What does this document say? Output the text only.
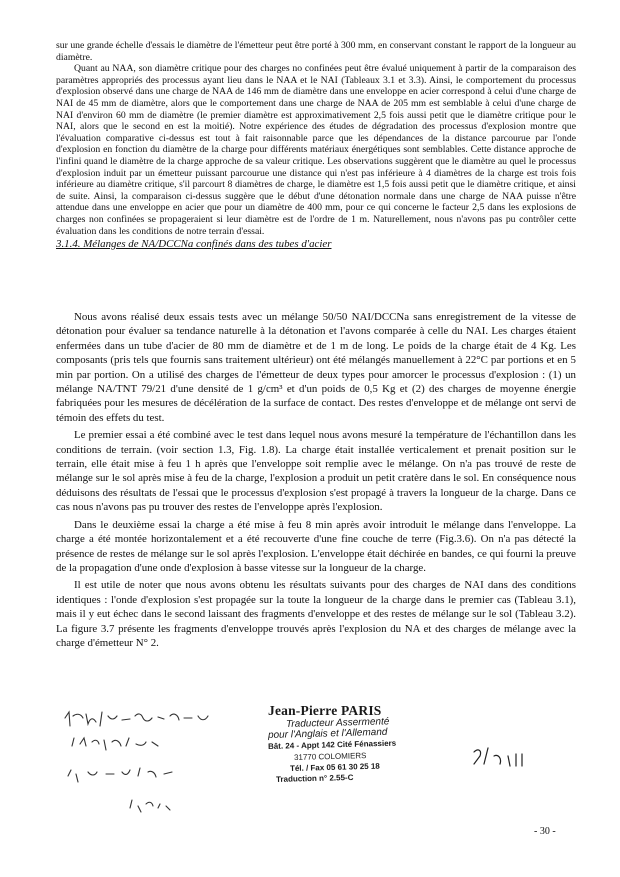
sur une grande échelle d'essais le diamètre de l'émetteur peut être porté à 300 mm, en conservant constant le rapport de la longueur au diamètre.

Quant au NAA, son diamètre critique pour des charges no confinées peut être évalué uniquement à partir de la comparaison des paramètres appropriés des processus ayant lieu dans le NAA et le NAI (Tableaux 3.1 et 3.3). Ainsi, le comportement du processus d'explosion observé dans une charge de NAA de 146 mm de diamètre dans une enveloppe en acier correspond à celui d'une charge de NAI de 45 mm de diamètre, alors que le comportement dans une charge de NAA de 205 mm est semblable à celui d'une charge de NAI d'environ 60 mm de diamètre (le premier diamètre est approximativement 2,5 fois aussi petit que le diamètre critique pour le NAI, alors que le second en est la moitié). Notre expérience des études de dégradation des processus d'explosion montre que l'évaluation comparative ci-dessus est tout à fait raisonnable parce que les dépendances de la distance parcourue par l'onde d'explosion en fonction du diamètre de la charge pour différents matériaux énergétiques sont semblables. Cette distance approche de l'infini quand le diamètre de la charge approche de sa valeur critique. Les observations suggèrent que le diamètre au quel le processus d'explosion induit par un émetteur puissant parcourue une distance qui n'est pas inférieure à 4 diamètres de la charge est trois fois inférieure au diamètre critique, s'il parcourt 8 diamètres de charge, le diamètre est 1,5 fois aussi petit que le diamètre critique, et ainsi de suite. Ainsi, la comparaison ci-dessus suggère que le début d'une détonation normale dans une charge de NAA puisse n'être attendue dans une enveloppe en acier que pour un diamètre de 400 mm, pour ce qui concerne le facteur 2,5 dans les explosions de charges non confinées se propageraient si leur diamètre est de l'ordre de 1 m. Naturellement, nous n'avons pas pu contrôler cette évaluation dans les conditions de notre terrain d'essai.

3.1.4. Mélanges de NA/DCCNa confinés dans des tubes d'acier

Nous avons réalisé deux essais tests avec un mélange 50/50 NAI/DCCNa sans enregistrement de la vitesse de détonation pour évaluer sa tendance naturelle à la détonation et l'avons comparée à celle du NAI. Les charges étaient enfermées dans un tube d'acier de 80 mm de diamètre et de 1 m de long. Le poids de la charge était de 4 Kg. Les composants (pris tels que fournis sans traitement ultérieur) ont été mélangés manuellement à 22°C par portions et en 5 min par portion. On a utilisé des charges de l'émetteur de deux types pour amorcer le processus d'explosion : (1) un mélange NA/TNT 79/21 d'une densité de 1 g/cm³ et d'un poids de 0,5 Kg et (2) des charges de moyenne énergie fabriquées pour les mesures de décélération de la surface de contact. Des restes d'enveloppe et de mélange ont servi de témoin des effets du test.

Le premier essai a été combiné avec le test dans lequel nous avons mesuré la température de l'échantillon dans les conditions de terrain. (voir section 1.3, Fig. 1.8). La charge était installée verticalement et prenait position sur le terrain, elle était mise à feu 1 h après que l'enveloppe soit remplie avec le mélange. On n'a pas trouvé de reste de mélange sur le sol après mise à feu de la charge, l'explosion a produit un petit cratère dans le sol. En conséquence nous déduisons des résultats de l'essai que le processus d'explosion s'est propagé à travers la longueur de la charge. Dans ce cas nous n'avons pas pu trouver des restes de l'enveloppe après l'explosion.

Dans le deuxième essai la charge a été mise à feu 8 min après avoir introduit le mélange dans l'enveloppe. La charge a été montée horizontalement et a été recouverte d'une fine couche de terre (Fig.3.6). On n'a pas détecté la présence de restes de mélange sur le sol après l'explosion. L'enveloppe était déchirée en bandes, ce qui fourni la preuve de la propagation d'une onde d'explosion à basse vitesse sur la longueur de la charge.

Il est utile de noter que nous avons obtenu les résultats suivants pour des charges de NAI dans des conditions identiques : l'onde d'explosion s'est propagée sur la toute la longueur de la charge dans le premier cas (Tableau 3.1), mais il y eut échec dans le second laissant des fragments d'enveloppe et des restes de mélange sur le sol (Tableau 3.2). La figure 3.7 présente les fragments d'enveloppe trouvés après l'explosion du NA et des charges de mélange avec la charge d'émetteur N° 2.

Jean-Pierre PARIS
Traducteur Assermenté
pour l'Anglais et l'Allemand
Bât. 24 - Appt 142 Cité Fénassiers
31770 COLOMIERS
Tél. / Fax 05 61 30 25 18
Traduction n° 2.55-C
- 30 -
